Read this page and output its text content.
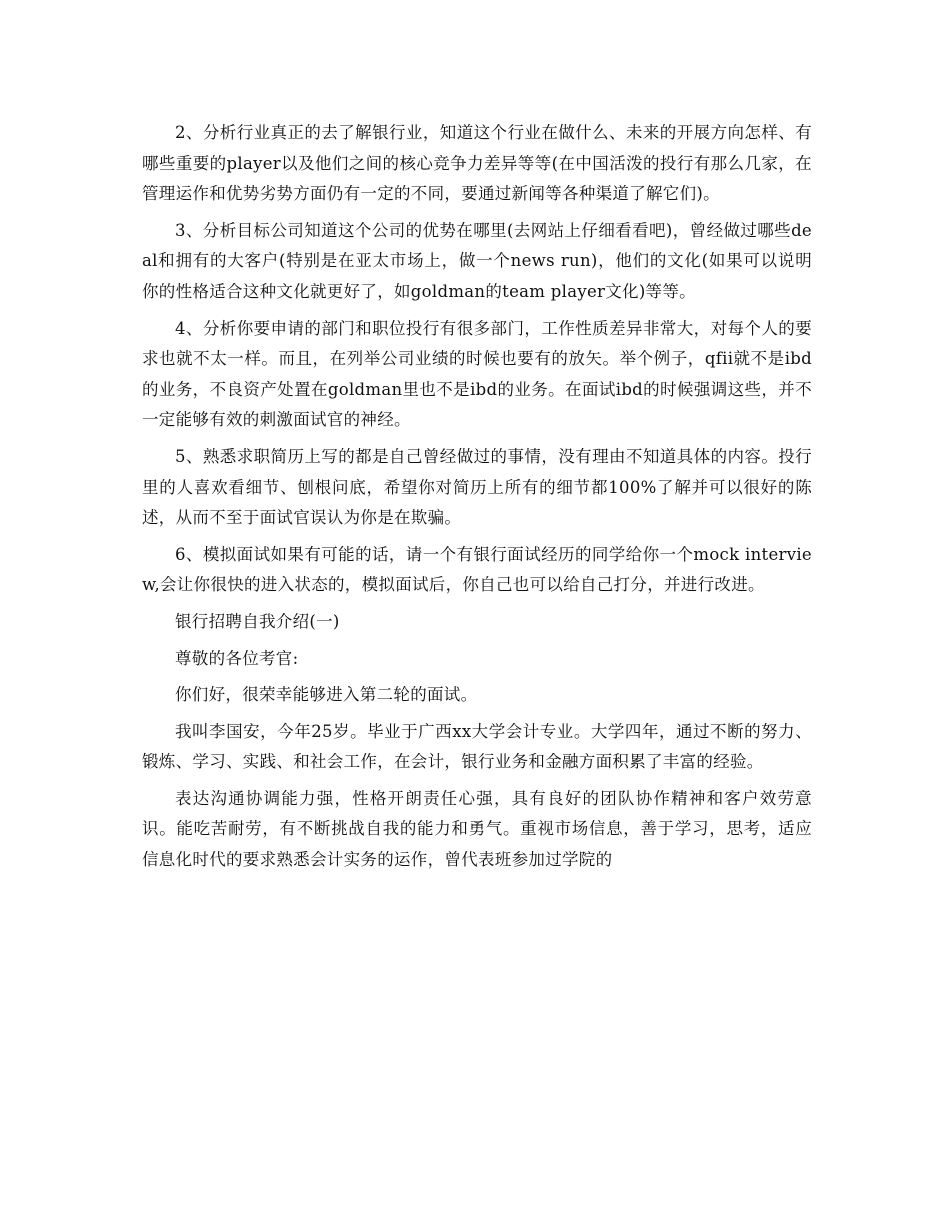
2、分析行业真正的去了解银行业，知道这个行业在做什么、未来的开展方向怎样、有哪些重要的player以及他们之间的核心竞争力差异等等(在中国活泼的投行有那么几家，在管理运作和优势劣势方面仍有一定的不同，要通过新闻等各种渠道了解它们)。

3、分析目标公司知道这个公司的优势在哪里(去网站上仔细看看吧)，曾经做过哪些deal和拥有的大客户(特别是在亚太市场上，做一个news run)，他们的文化(如果可以说明你的性格适合这种文化就更好了，如goldman的team player文化)等等。

4、分析你要申请的部门和职位投行有很多部门，工作性质差异非常大，对每个人的要求也就不太一样。而且，在列举公司业绩的时候也要有的放矢。举个例子，qfii就不是ibd的业务，不良资产处置在goldman里也不是ibd的业务。在面试ibd的时候强调这些，并不一定能够有效的刺激面试官的神经。

5、熟悉求职简历上写的都是自己曾经做过的事情，没有理由不知道具体的内容。投行里的人喜欢看细节、刨根问底，希望你对简历上所有的细节都100%了解并可以很好的陈述，从而不至于面试官误认为你是在欺骗。

6、模拟面试如果有可能的话，请一个有银行面试经历的同学给你一个mock interview,会让你很快的进入状态的，模拟面试后，你自己也可以给自己打分，并进行改进。

银行招聘自我介绍(一)

尊敬的各位考官:

你们好，很荣幸能够进入第二轮的面试。

我叫李国安，今年25岁。毕业于广西xx大学会计专业。大学四年，通过不断的努力、锻炼、学习、实践、和社会工作，在会计，银行业务和金融方面积累了丰富的经验。

表达沟通协调能力强，性格开朗责任心强，具有良好的团队协作精神和客户效劳意识。能吃苦耐劳，有不断挑战自我的能力和勇气。重视市场信息，善于学习，思考，适应信息化时代的要求熟悉会计实务的运作，曾代表班参加过学院的
